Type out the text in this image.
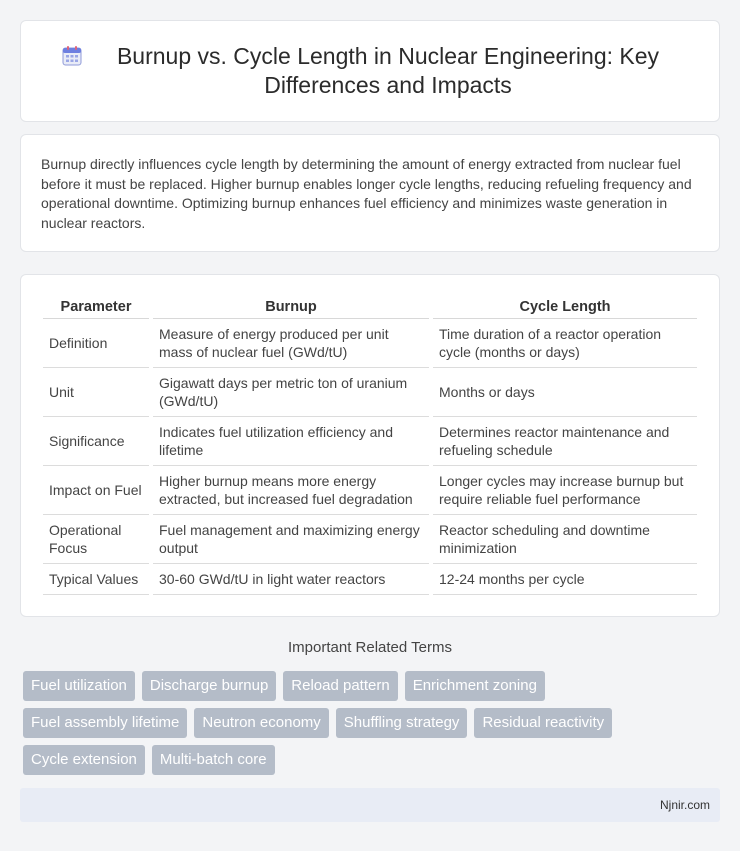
Burnup vs. Cycle Length in Nuclear Engineering: Key Differences and Impacts

Burnup directly influences cycle length by determining the amount of energy extracted from nuclear fuel before it must be replaced. Higher burnup enables longer cycle lengths, reducing refueling frequency and operational downtime. Optimizing burnup enhances fuel efficiency and minimizes waste generation in nuclear reactors.

Parameter	Burnup	Cycle Length
Definition	Measure of energy produced per unit mass of nuclear fuel (GWd/tU)	Time duration of a reactor operation cycle (months or days)
Unit	Gigawatt days per metric ton of uranium (GWd/tU)	Months or days
Significance	Indicates fuel utilization efficiency and lifetime	Determines reactor maintenance and refueling schedule
Impact on Fuel	Higher burnup means more energy extracted, but increased fuel degradation	Longer cycles may increase burnup but require reliable fuel performance
Operational Focus	Fuel management and maximizing energy output	Reactor scheduling and downtime minimization
Typical Values	30-60 GWd/tU in light water reactors	12-24 months per cycle
Important Related Terms
Fuel utilization	Discharge burnup	Reload pattern	Enrichment zoning
Fuel assembly lifetime	Neutron economy	Shuffling strategy	Residual reactivity
Cycle extension	Multi-batch core
Njnir.com
